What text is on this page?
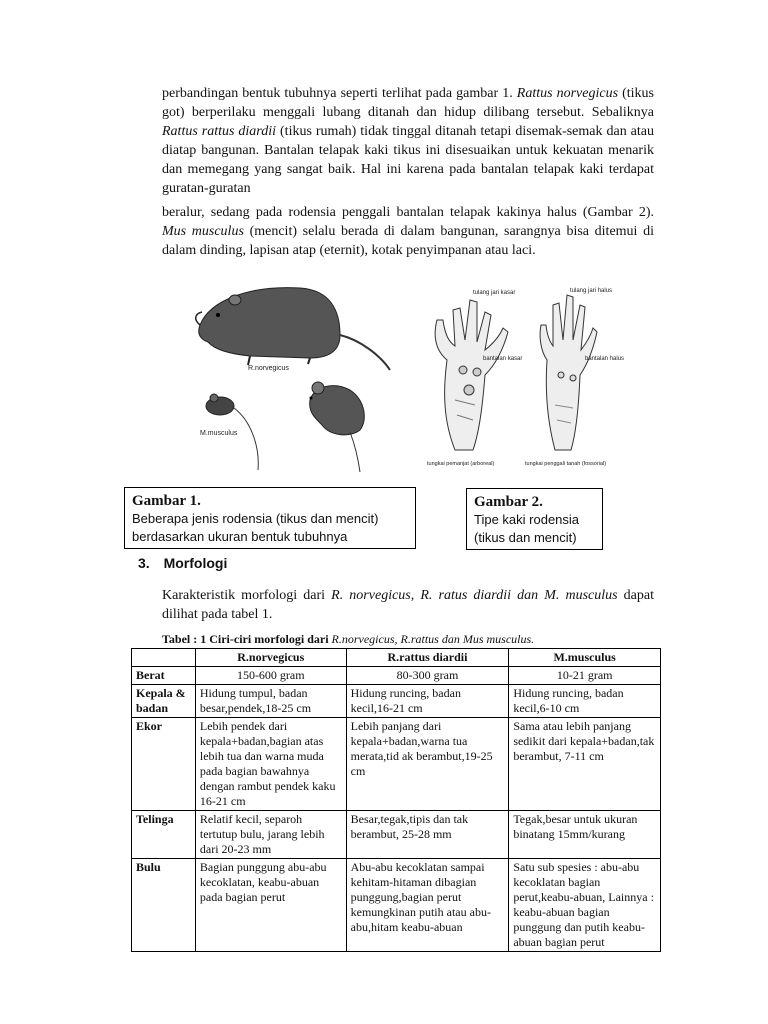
perbandingan bentuk tubuhnya seperti terlihat pada gambar 1. Rattus norvegicus (tikus got) berperilaku menggali lubang ditanah dan hidup dilibang tersebut. Sebaliknya Rattus rattus diardii (tikus rumah) tidak tinggal ditanah tetapi disemak-semak dan atau diatap bangunan. Bantalan telapak kaki tikus ini disesuaikan untuk kekuatan menarik dan memegang yang sangat baik. Hal ini karena pada bantalan telapak kaki terdapat guratan-guratan
beralur, sedang pada rodensia penggali bantalan telapak kakinya halus (Gambar 2). Mus musculus (mencit) selalu berada di dalam bangunan, sarangnya bisa ditemui di dalam dinding, lapisan atap (eternit), kotak penyimpanan atau laci.
R.norvegicus
M.musculus
tulang jari kasar
bantalan kasar
tungkai pemanjat (arboreal)
tulang jari halus
bantalan halus
tungkai penggali tanah (fossorial)
Gambar 1.
Beberapa jenis rodensia (tikus dan mencit)
berdasarkan ukuran bentuk tubuhnya
Gambar 2.
Tipe kaki rodensia
(tikus dan mencit)
3. Morfologi
Karakteristik morfologi dari R. norvegicus, R. ratus diardii dan M. musculus dapat dilihat pada tabel 1.
Tabel : 1 Ciri-ciri morfologi dari R.norvegicus, R.rattus dan Mus musculus.
	R.norvegicus	R.rattus diardii	M.musculus
Berat	150-600 gram	80-300 gram	10-21 gram
Kepala & badan	Hidung tumpul, badan besar,pendek,18-25 cm	Hidung runcing, badan kecil,16-21 cm	Hidung runcing, badan kecil,6-10 cm
Ekor	Lebih pendek dari kepala+badan,bagian atas lebih tua dan warna muda pada bagian bawahnya dengan rambut pendek kaku 16-21 cm	Lebih panjang dari kepala+badan,warna tua merata,tid ak berambut,19-25 cm	Sama atau lebih panjang sedikit dari kepala+badan,tak berambut, 7-11 cm
Telinga	Relatif kecil, separoh tertutup bulu, jarang lebih dari 20-23 mm	Besar,tegak,tipis dan tak berambut, 25-28 mm	Tegak,besar untuk ukuran binatang 15mm/kurang
Bulu	Bagian punggung abu-abu kecoklatan, keabu-abuan pada bagian perut	Abu-abu kecoklatan sampai kehitam-hitaman dibagian punggung,bagian perut kemungkinan putih atau abu-abu,hitam keabu-abuan	Satu sub spesies : abu-abu kecoklatan bagian perut,keabu-abuan, Lainnya : keabu-abuan bagian punggung dan putih keabu-abuan bagian perut
